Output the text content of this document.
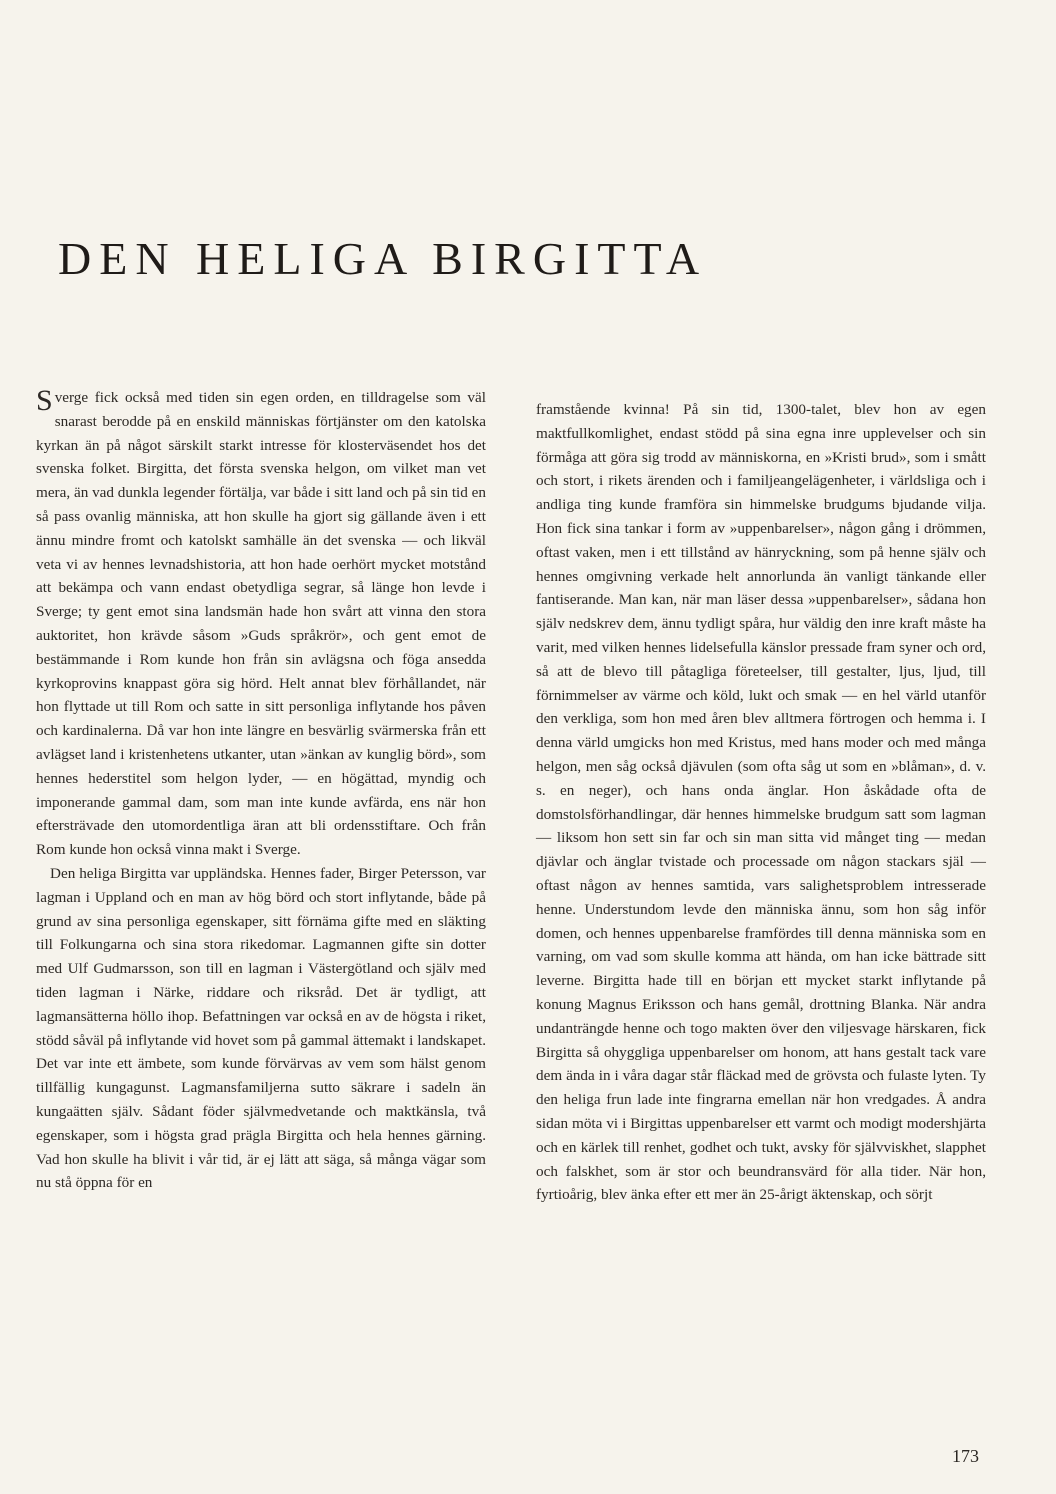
DEN HELIGA BIRGITTA

Sverge fick också med tiden sin egen orden, en tilldragelse som väl snarast berodde på en enskild människas förtjänster om den katolska kyrkan än på något särskilt starkt intresse för klosterväsendet hos det svenska folket. Birgitta, det första svenska helgon, om vilket man vet mera, än vad dunkla legender förtälja, var både i sitt land och på sin tid en så pass ovanlig människa, att hon skulle ha gjort sig gällande även i ett ännu mindre fromt och katolskt samhälle än det svenska — och likväl veta vi av hennes levnadshistoria, att hon hade oerhört mycket motstånd att bekämpa och vann endast obetydliga segrar, så länge hon levde i Sverge; ty gent emot sina landsmän hade hon svårt att vinna den stora auktoritet, hon krävde såsom »Guds språkrör», och gent emot de bestämmande i Rom kunde hon från sin avlägsna och föga ansedda kyrkoprovins knappast göra sig hörd. Helt annat blev förhållandet, när hon flyttade ut till Rom och satte in sitt personliga inflytande hos påven och kardinalerna. Då var hon inte längre en besvärlig svärmerska från ett avlägset land i kristenhetens utkanter, utan »änkan av kunglig börd», som hennes hederstitel som helgon lyder, — en högättad, myndig och imponerande gammal dam, som man inte kunde avfärda, ens när hon eftersträvade den utomordentliga äran att bli ordensstiftare. Och från Rom kunde hon också vinna makt i Sverge.

Den heliga Birgitta var uppländska. Hennes fader, Birger Petersson, var lagman i Uppland och en man av hög börd och stort inflytande, både på grund av sina personliga egenskaper, sitt förnäma gifte med en släkting till Folkungarna och sina stora rikedomar. Lagmannen gifte sin dotter med Ulf Gudmarsson, son till en lagman i Västergötland och själv med tiden lagman i Närke, riddare och riksråd. Det är tydligt, att lagmansätterna höllo ihop. Befattningen var också en av de högsta i riket, stödd såväl på inflytande vid hovet som på gammal ättemakt i landskapet. Det var inte ett ämbete, som kunde förvärvas av vem som hälst genom tillfällig kungagunst. Lagmansfamiljerna sutto säkrare i sadeln än kungaätten själv. Sådant föder självmedvetande och maktkänsla, två egenskaper, som i högsta grad prägla Birgitta och hela hennes gärning. Vad hon skulle ha blivit i vår tid, är ej lätt att säga, så många vägar som nu stå öppna för en

framstående kvinna! På sin tid, 1300-talet, blev hon av egen maktfullkomlighet, endast stödd på sina egna inre upplevelser och sin förmåga att göra sig trodd av människorna, en »Kristi brud», som i smått och stort, i rikets ärenden och i familjeangelägenheter, i världsliga och i andliga ting kunde framföra sin himmelske brudgums bjudande vilja. Hon fick sina tankar i form av »uppenbarelser», någon gång i drömmen, oftast vaken, men i ett tillstånd av hänryckning, som på henne själv och hennes omgivning verkade helt annorlunda än vanligt tänkande eller fantiserande. Man kan, när man läser dessa »uppenbarelser», sådana hon själv nedskrev dem, ännu tydligt spåra, hur väldig den inre kraft måste ha varit, med vilken hennes lidelsefulla känslor pressade fram syner och ord, så att de blevo till påtagliga företeelser, till gestalter, ljus, ljud, till förnimmelser av värme och köld, lukt och smak — en hel värld utanför den verkliga, som hon med åren blev alltmera förtrogen och hemma i. I denna värld umgicks hon med Kristus, med hans moder och med många helgon, men såg också djävulen (som ofta såg ut som en »blåman», d. v. s. en neger), och hans onda änglar. Hon åskådade ofta de domstolsförhandlingar, där hennes himmelske brudgum satt som lagman — liksom hon sett sin far och sin man sitta vid månget ting — medan djävlar och änglar tvistade och processade om någon stackars själ — oftast någon av hennes samtida, vars salighetsproblem intresserade henne. Understundom levde den människa ännu, som hon såg inför domen, och hennes uppenbarelse framfördes till denna människa som en varning, om vad som skulle komma att hända, om han icke bättrade sitt leverne. Birgitta hade till en början ett mycket starkt inflytande på konung Magnus Eriksson och hans gemål, drottning Blanka. När andra undanträngde henne och togo makten över den viljesvage härskaren, fick Birgitta så ohyggliga uppenbarelser om honom, att hans gestalt tack vare dem ända in i våra dagar står fläckad med de grövsta och fulaste lyten. Ty den heliga frun lade inte fingrarna emellan när hon vredgades. Å andra sidan möta vi i Birgittas uppenbarelser ett varmt och modigt modershjärta och en kärlek till renhet, godhet och tukt, avsky för självviskhet, slapphet och falskhet, som är stor och beundransvärd för alla tider. När hon, fyrtioårig, blev änka efter ett mer än 25-årigt äktenskap, och sörjt

173
